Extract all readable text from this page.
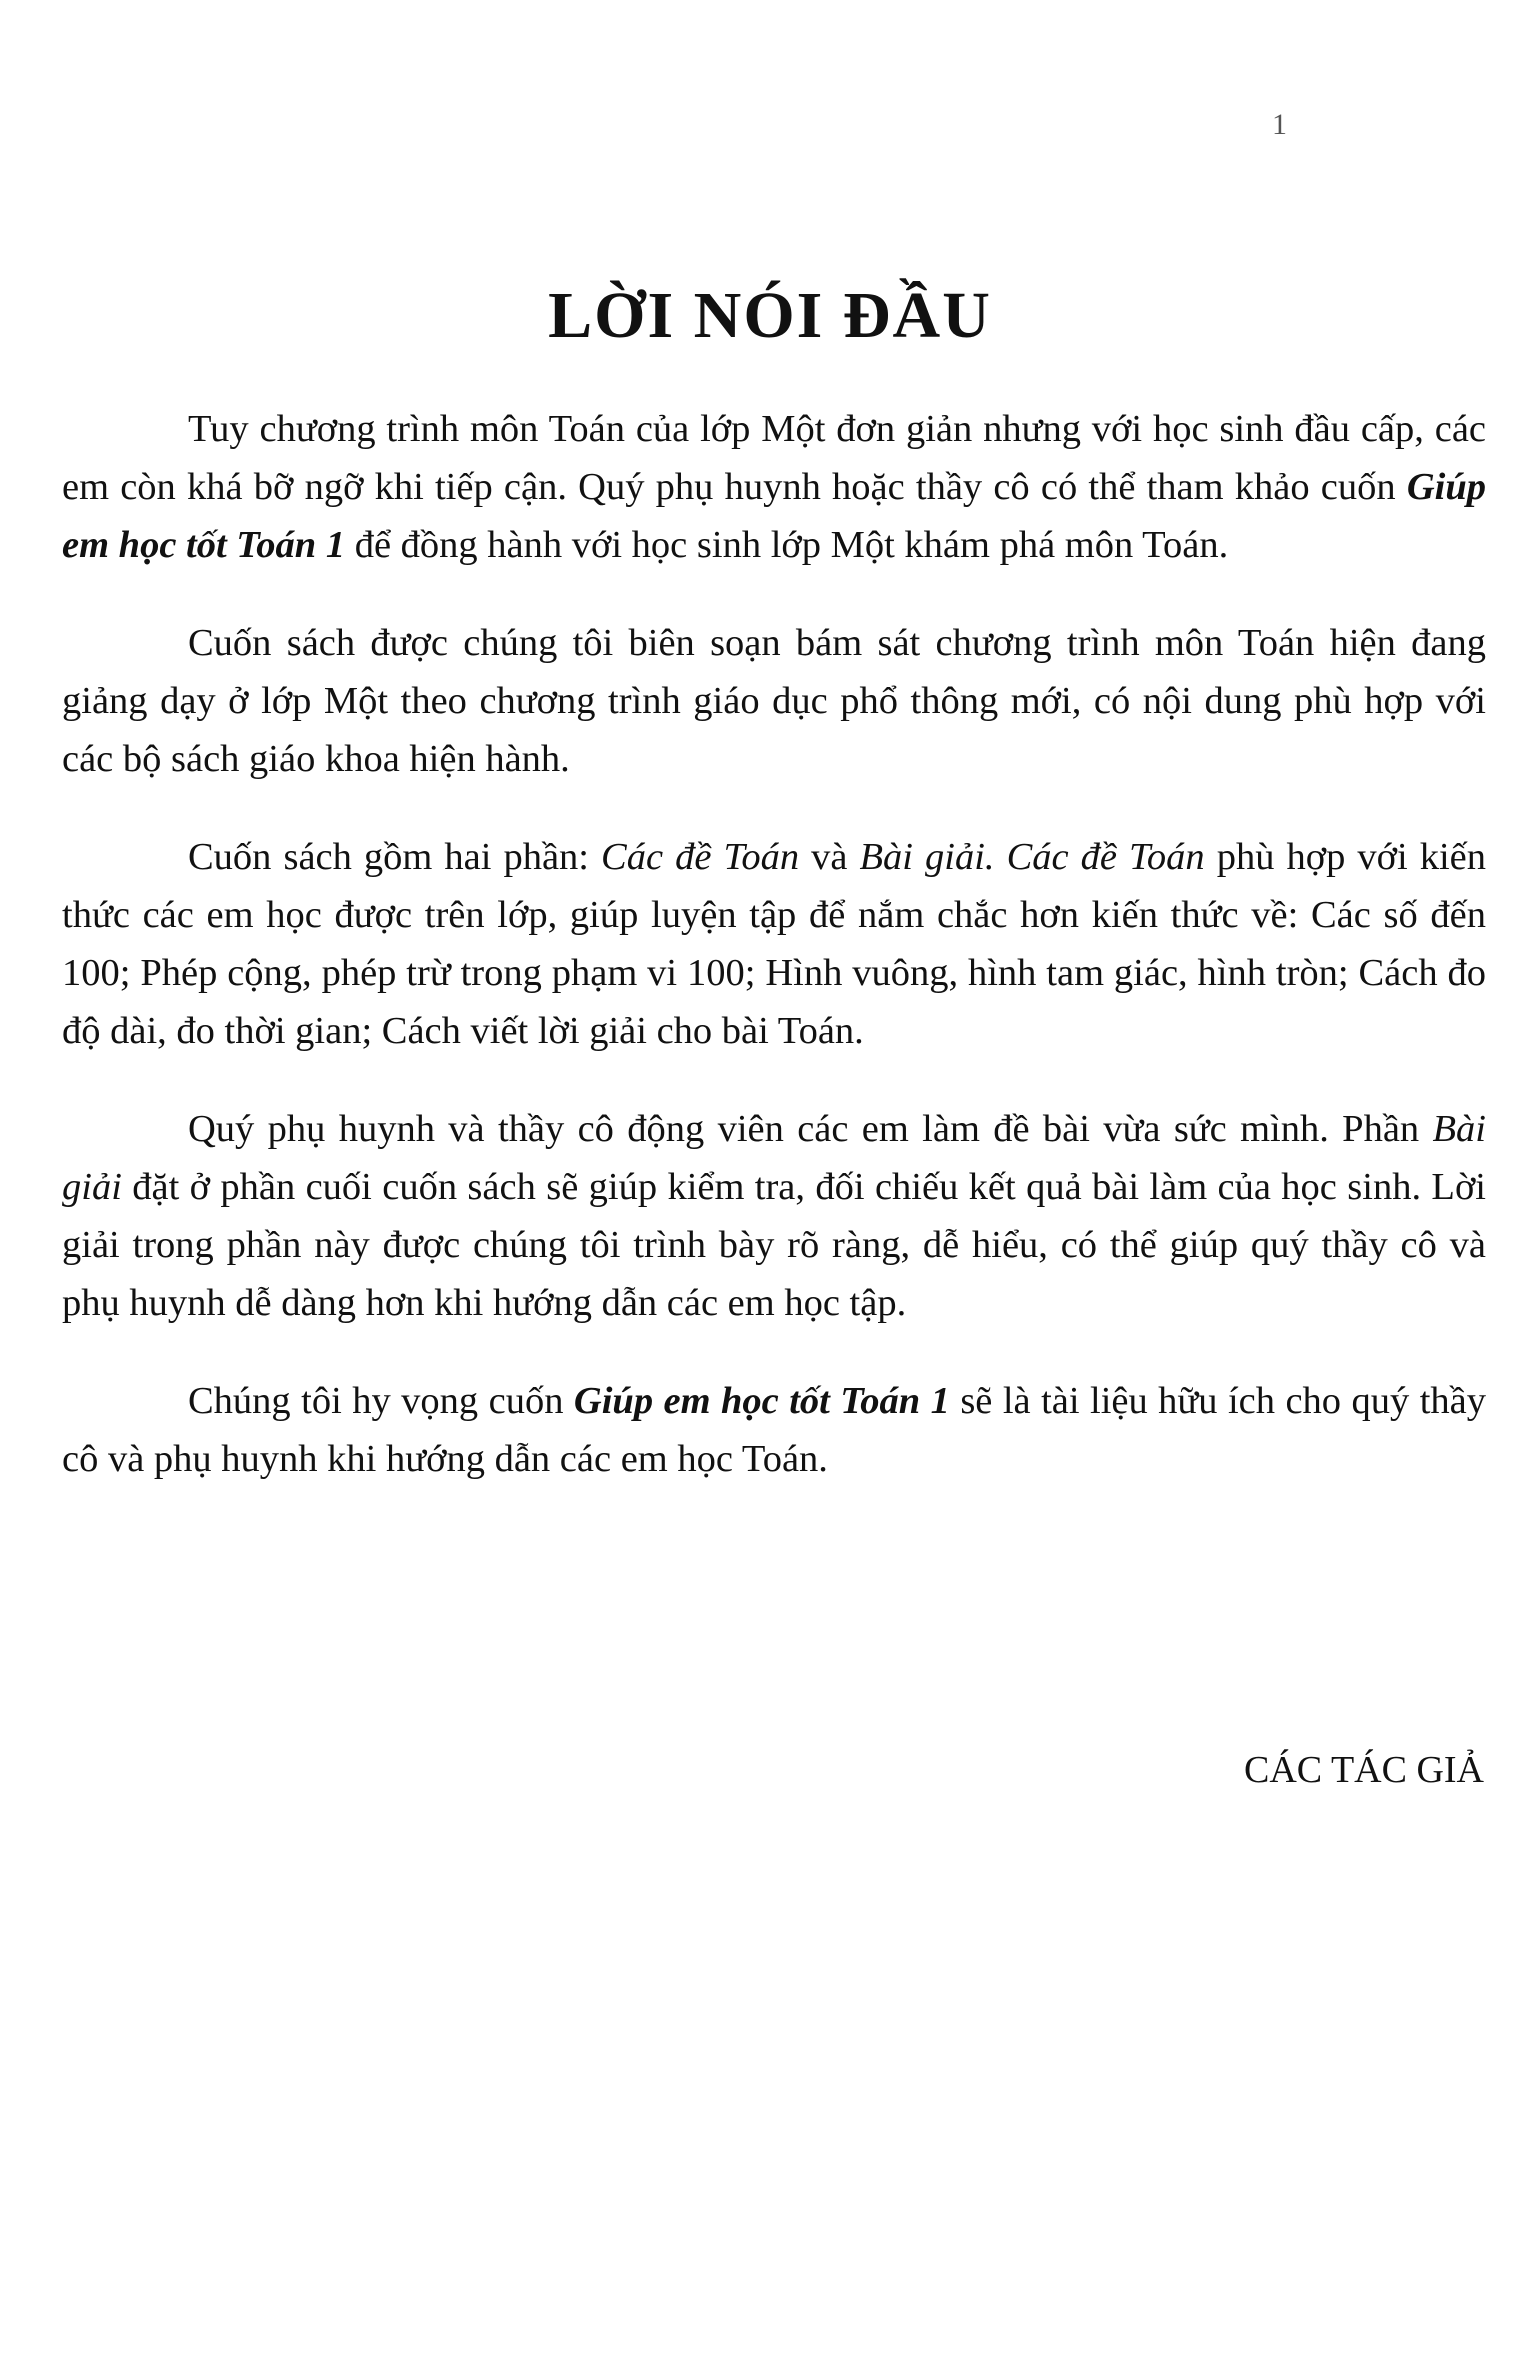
1
LỜI NÓI ĐẦU

Tuy chương trình môn Toán của lớp Một đơn giản nhưng với học sinh đầu cấp, các em còn khá bỡ ngỡ khi tiếp cận. Quý phụ huynh hoặc thầy cô có thể tham khảo cuốn Giúp em học tốt Toán 1 để đồng hành với học sinh lớp Một khám phá môn Toán.

Cuốn sách được chúng tôi biên soạn bám sát chương trình môn Toán hiện đang giảng dạy ở lớp Một theo chương trình giáo dục phổ thông mới, có nội dung phù hợp với các bộ sách giáo khoa hiện hành.

Cuốn sách gồm hai phần: Các đề Toán và Bài giải. Các đề Toán phù hợp với kiến thức các em học được trên lớp, giúp luyện tập để nắm chắc hơn kiến thức về: Các số đến 100; Phép cộng, phép trừ trong phạm vi 100; Hình vuông, hình tam giác, hình tròn; Cách đo độ dài, đo thời gian; Cách viết lời giải cho bài Toán.

Quý phụ huynh và thầy cô động viên các em làm đề bài vừa sức mình. Phần Bài giải đặt ở phần cuối cuốn sách sẽ giúp kiểm tra, đối chiếu kết quả bài làm của học sinh. Lời giải trong phần này được chúng tôi trình bày rõ ràng, dễ hiểu, có thể giúp quý thầy cô và phụ huynh dễ dàng hơn khi hướng dẫn các em học tập.

Chúng tôi hy vọng cuốn Giúp em học tốt Toán 1 sẽ là tài liệu hữu ích cho quý thầy cô và phụ huynh khi hướng dẫn các em học Toán.

CÁC TÁC GIẢ
